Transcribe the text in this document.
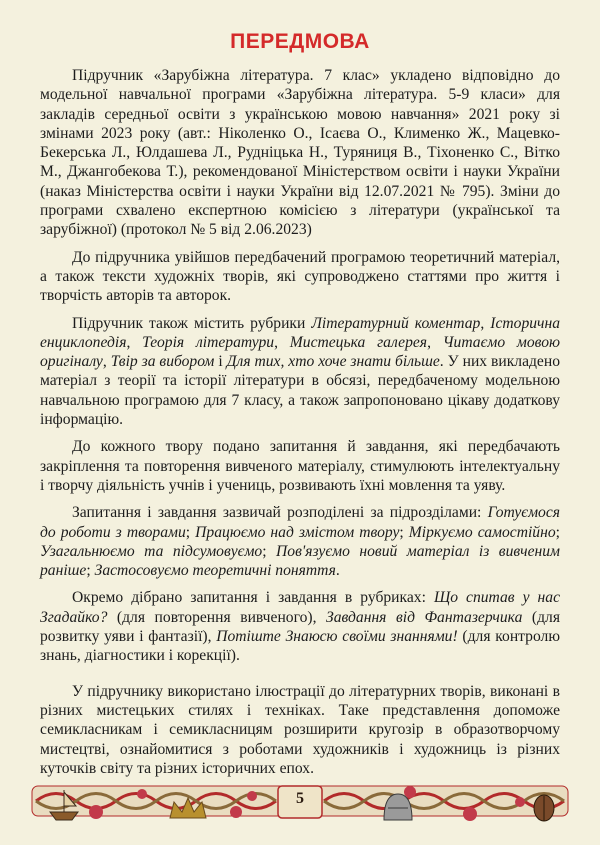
ПЕРЕДМОВА

Підручник «Зарубіжна література. 7 клас» укладено відповідно до модельної навчальної програми «Зарубіжна література. 5-9 класи» для закладів середньої освіти з українською мовою навчання» 2021 року зі змінами 2023 року (авт.: Ніколенко О., Ісаєва О., Клименко Ж., Мацевко-Бекерська Л., Юлдашева Л., Рудніцька Н., Туряниця В., Тіхоненко С., Вітко М., Джангобекова Т.), рекомендованої Міністерством освіти і науки України (наказ Міністерства освіти і науки України від 12.07.2021 № 795). Зміни до програми схвалено експертною комісією з літератури (української та зарубіжної) (протокол № 5 від 2.06.2023)

До підручника увійшов передбачений програмою теоретичний матеріал, а також тексти художніх творів, які супроводжено статтями про життя і творчість авторів та авторок.

Підручник також містить рубрики Літературний коментар, Історична енциклопедія, Теорія літератури, Мистецька галерея, Читаємо мовою оригіналу, Твір за вибором і Для тих, хто хоче знати більше. У них викладено матеріал з теорії та історії літератури в обсязі, передбаченому модельною навчальною програмою для 7 класу, а також запропоновано цікаву додаткову інформацію.

До кожного твору подано запитання й завдання, які передбачають закріплення та повторення вивченого матеріалу, стимулюють інтелектуальну і творчу діяльність учнів і учениць, розвивають їхні мовлення та уяву.

Запитання і завдання зазвичай розподілені за підрозділами: Готуємося до роботи з творами; Працюємо над змістом твору; Міркуємо самостійно; Узагальнюємо та підсумовуємо; Пов'язуємо новий матеріал із вивченим раніше; Застосовуємо теоретичні поняття.

Окремо дібрано запитання і завдання в рубриках: Що спитав у нас Згадайко? (для повторення вивченого), Завдання від Фантазерчика (для розвитку уяви і фантазії), Потіште Знаюсю своїми знаннями! (для контролю знань, діагностики і корекції).

У підручнику використано ілюстрації до літературних творів, виконані в різних мистецьких стилях і техніках. Таке представлення допоможе семикласникам і семикласницям розширити кругозір в образотворчому мистецтві, ознайомитися з роботами художників і художниць із різних куточків світу та різних історичних епох.

5
